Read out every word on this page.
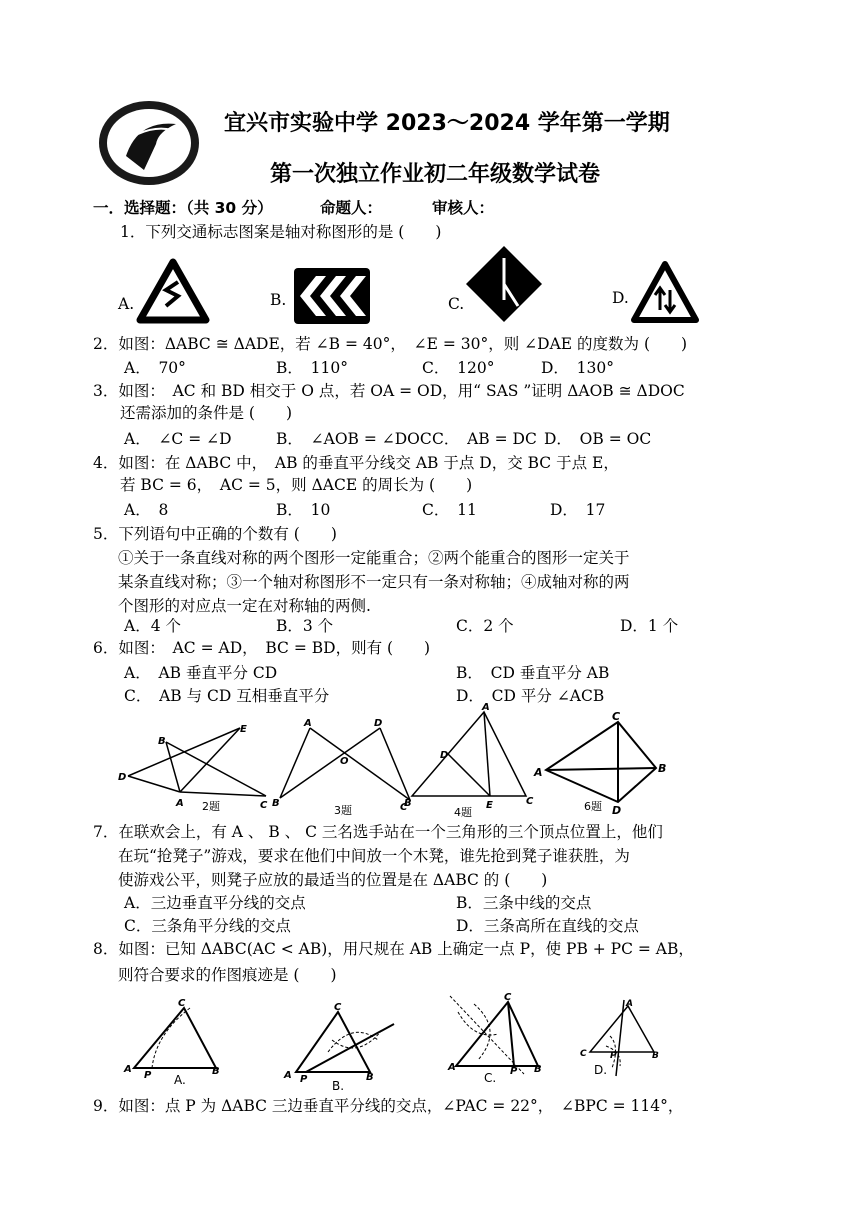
宜兴市实验中学 2023～2024 学年第一学期
第一次独立作业初二年级数学试卷
一．选择题：（共 30 分）	命题人：	审核人：
1．下列交通标志图案是轴对称图形的是 (　　)
A.	B.	C.	D.
2．如图：ΔABC ≅ ΔADE，若 ∠B = 40°，　∠E = 30°，则 ∠DAE 的度数为 (　　)
A．　70°	B．　110°	C．　120°	D．　130°
3．如图：　AC 和 BD 相交于 O 点，若 OA = OD，用“ SAS ”证明 ΔAOB ≅ ΔDOC
还需添加的条件是 (　　)
A．　∠C = ∠D	B．　∠AOB = ∠DOC C．　AB = DC D．　OB = OC
4．如图：在 ΔABC 中，　AB 的垂直平分线交 AB 于点 D，交 BC 于点 E，
若 BC = 6，　AC = 5，则 ΔACE 的周长为 (　　)
A．　8	B．　10	C．　11	D．　17
5．下列语句中正确的个数有 (　　)
①关于一条直线对称的两个图形一定能重合；②两个能重合的图形一定关于
某条直线对称；③一个轴对称图形不一定只有一条对称轴；④成轴对称的两
个图形的对应点一定在对称轴的两侧.
A．4 个	B．3 个	C．2 个	D．1 个
6．如图：　AC = AD，　BC = BD，则有 (　　)
A．　AB 垂直平分 CD	B．　CD 垂直平分 AB
C．　AB 与 CD 互相垂直平分	D．　CD 平分 ∠ACB
D
B
E
A	C
2题
A	D
O
B	C
3题
A
D
B	E	C
4题
C
A	B
D
6题
7．在联欢会上，有 A 、 B 、 C 三名选手站在一个三角形的三个顶点位置上，他们
在玩“抢凳子”游戏，要求在他们中间放一个木凳，谁先抢到凳子谁获胜，为
使游戏公平，则凳子应放的最适当的位置是在 ΔABC 的 (　　)
A．三边垂直平分线的交点	B．三条中线的交点
C．三条角平分线的交点	D．三条高所在直线的交点
8．如图：已知 ΔABC(AC < AB)，用尺规在 AB 上确定一点 P，使 PB + PC = AB，
则符合要求的作图痕迹是 (　　)
C
A
P	B
A.
C
A P	B
B.
C
A	P B
C.
A
C	P	B
D.
9．如图：点 P 为 ΔABC 三边垂直平分线的交点，∠PAC = 22°，　∠BPC = 114°，
